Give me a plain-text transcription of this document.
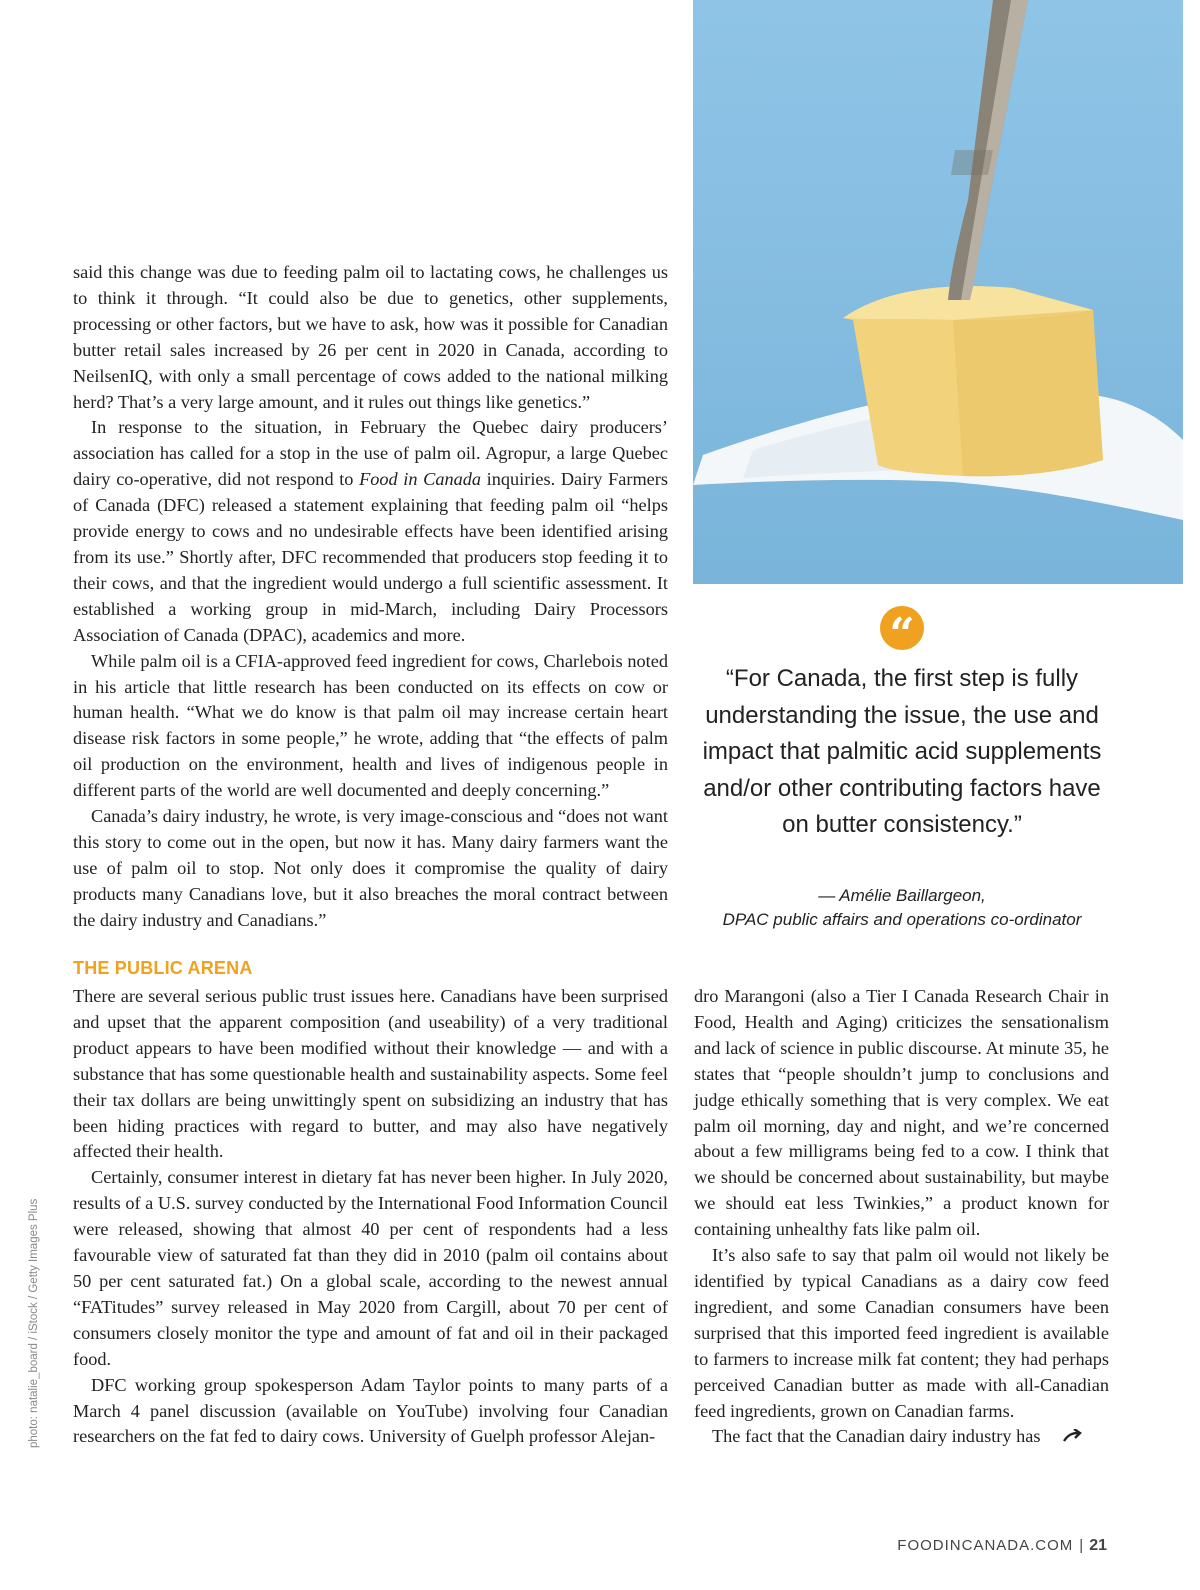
said this change was due to feeding palm oil to lactating cows, he challenges us to think it through. “It could also be due to genetics, other supplements, processing or other factors, but we have to ask, how was it possible for Canadian butter retail sales increased by 26 per cent in 2020 in Canada, according to NeilsenIQ, with only a small percentage of cows added to the national milking herd? That’s a very large amount, and it rules out things like genetics.”

In response to the situation, in February the Quebec dairy producers’ association has called for a stop in the use of palm oil. Agropur, a large Quebec dairy co-operative, did not respond to Food in Canada inquiries. Dairy Farmers of Canada (DFC) released a statement explaining that feeding palm oil “helps provide energy to cows and no undesirable effects have been identified arising from its use.” Shortly after, DFC recommended that producers stop feeding it to their cows, and that the ingredient would undergo a full scientific assessment. It established a working group in mid-March, including Dairy Processors Association of Canada (DPAC), academics and more.

While palm oil is a CFIA-approved feed ingredient for cows, Charlebois noted in his article that little research has been conducted on its effects on cow or human health. “What we do know is that palm oil may increase certain heart disease risk factors in some people,” he wrote, adding that “the effects of palm oil production on the environment, health and lives of indigenous people in different parts of the world are well documented and deeply concerning.”

Canada’s dairy industry, he wrote, is very image-conscious and “does not want this story to come out in the open, but now it has. Many dairy farmers want the use of palm oil to stop. Not only does it compromise the quality of dairy products many Canadians love, but it also breaches the moral contract between the dairy industry and Canadians.”

“
“For Canada, the first step is fully understanding the issue, the use and impact that palmitic acid supplements and/or other contributing factors have on butter consistency.”
— Amélie Baillargeon,
DPAC public affairs and operations co-ordinator
THE PUBLIC ARENA

There are several serious public trust issues here. Canadians have been surprised and upset that the apparent composition (and useability) of a very traditional product appears to have been modified without their knowledge — and with a substance that has some questionable health and sustainability aspects. Some feel their tax dollars are being unwittingly spent on subsidizing an industry that has been hiding practices with regard to butter, and may also have negatively affected their health.

Certainly, consumer interest in dietary fat has never been higher. In July 2020, results of a U.S. survey conducted by the International Food Information Council were released, showing that almost 40 per cent of respondents had a less favourable view of saturated fat than they did in 2010 (palm oil contains about 50 per cent saturated fat.) On a global scale, according to the newest annual “FATitudes” survey released in May 2020 from Cargill, about 70 per cent of consumers closely monitor the type and amount of fat and oil in their packaged food.

DFC working group spokesperson Adam Taylor points to many parts of a March 4 panel discussion (available on YouTube) involving four Canadian researchers on the fat fed to dairy cows. University of Guelph professor Alejan-

dro Marangoni (also a Tier I Canada Research Chair in Food, Health and Aging) criticizes the sensationalism and lack of science in public discourse. At minute 35, he states that “people shouldn’t jump to conclusions and judge ethically something that is very complex. We eat palm oil morning, day and night, and we’re concerned about a few milligrams being fed to a cow. I think that we should be concerned about sustainability, but maybe we should eat less Twinkies,” a product known for containing unhealthy fats like palm oil.

It’s also safe to say that palm oil would not likely be identified by typical Canadians as a dairy cow feed ingredient, and some Canadian consumers have been surprised that this imported feed ingredient is available to farmers to increase milk fat content; they had perhaps perceived Canadian butter as made with all-Canadian feed ingredients, grown on Canadian farms.

The fact that the Canadian dairy industry has

photo: natalie_board / iStock / Getty Images Plus
FOODINCANADA.COM | 21
